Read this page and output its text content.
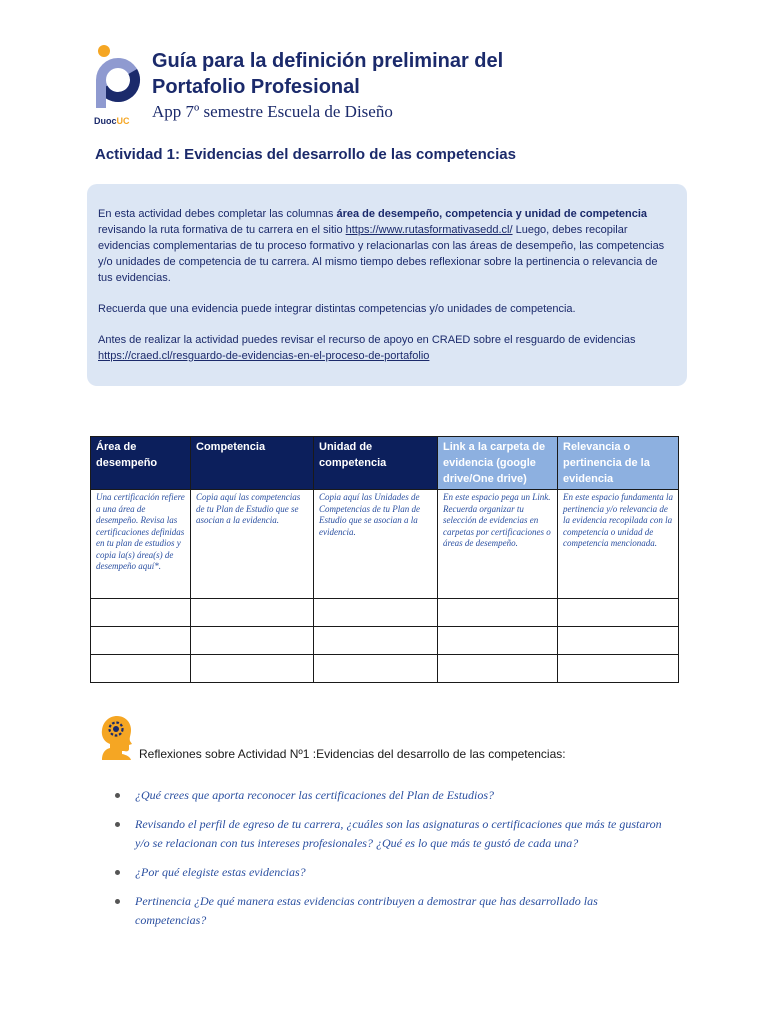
DuocUC
Guía para la definición preliminar del
Portafolio Profesional
App 7º semestre Escuela de Diseño
Actividad 1: Evidencias del desarrollo de las competencias

En esta actividad debes completar las columnas área de desempeño, competencia y unidad de competencia revisando la ruta formativa de tu carrera en el sitio https://www.rutasformativasedd.cl/ Luego, debes recopilar evidencias complementarias de tu proceso formativo y relacionarlas con las áreas de desempeño, las competencias y/o unidades de competencia de tu carrera. Al mismo tiempo debes reflexionar sobre la pertinencia o relevancia de tus evidencias.

Recuerda que una evidencia puede integrar distintas competencias y/o unidades de competencia.

Antes de realizar la actividad puedes revisar el recurso de apoyo en CRAED sobre el resguardo de evidencias
https://craed.cl/resguardo-de-evidencias-en-el-proceso-de-portafolio

Área de desempeño	Competencia	Unidad de competencia	Link a la carpeta de evidencia (google drive/One drive)	Relevancia o pertinencia de la evidencia
Una certificación refiere a una área de desempeño. Revisa las certificaciones definidas en tu plan de estudios y copia la(s) área(s) de desempeño aquí*.	Copia aquí las competencias de tu Plan de Estudio que se asocian a la evidencia.	Copia aquí las Unidades de Competencias de tu Plan de Estudio que se asocian a la evidencia.	En este espacio pega un Link. Recuerda organizar tu selección de evidencias en carpetas por certificaciones o áreas de desempeño.	En este espacio fundamenta la pertinencia y/o relevancia de la evidencia recopilada con la competencia o unidad de competencia mencionada.

Reflexiones sobre Actividad Nº1 :Evidencias del desarrollo de las competencias:
¿Qué crees que aporta reconocer las certificaciones del Plan de Estudios?
Revisando el perfil de egreso de tu carrera, ¿cuáles son las asignaturas o certificaciones que más te gustaron y/o se relacionan con tus intereses profesionales? ¿Qué es lo que más te gustó de cada una?
¿Por qué elegiste estas evidencias?
Pertinencia ¿De qué manera estas evidencias contribuyen a demostrar que has desarrollado las competencias?
